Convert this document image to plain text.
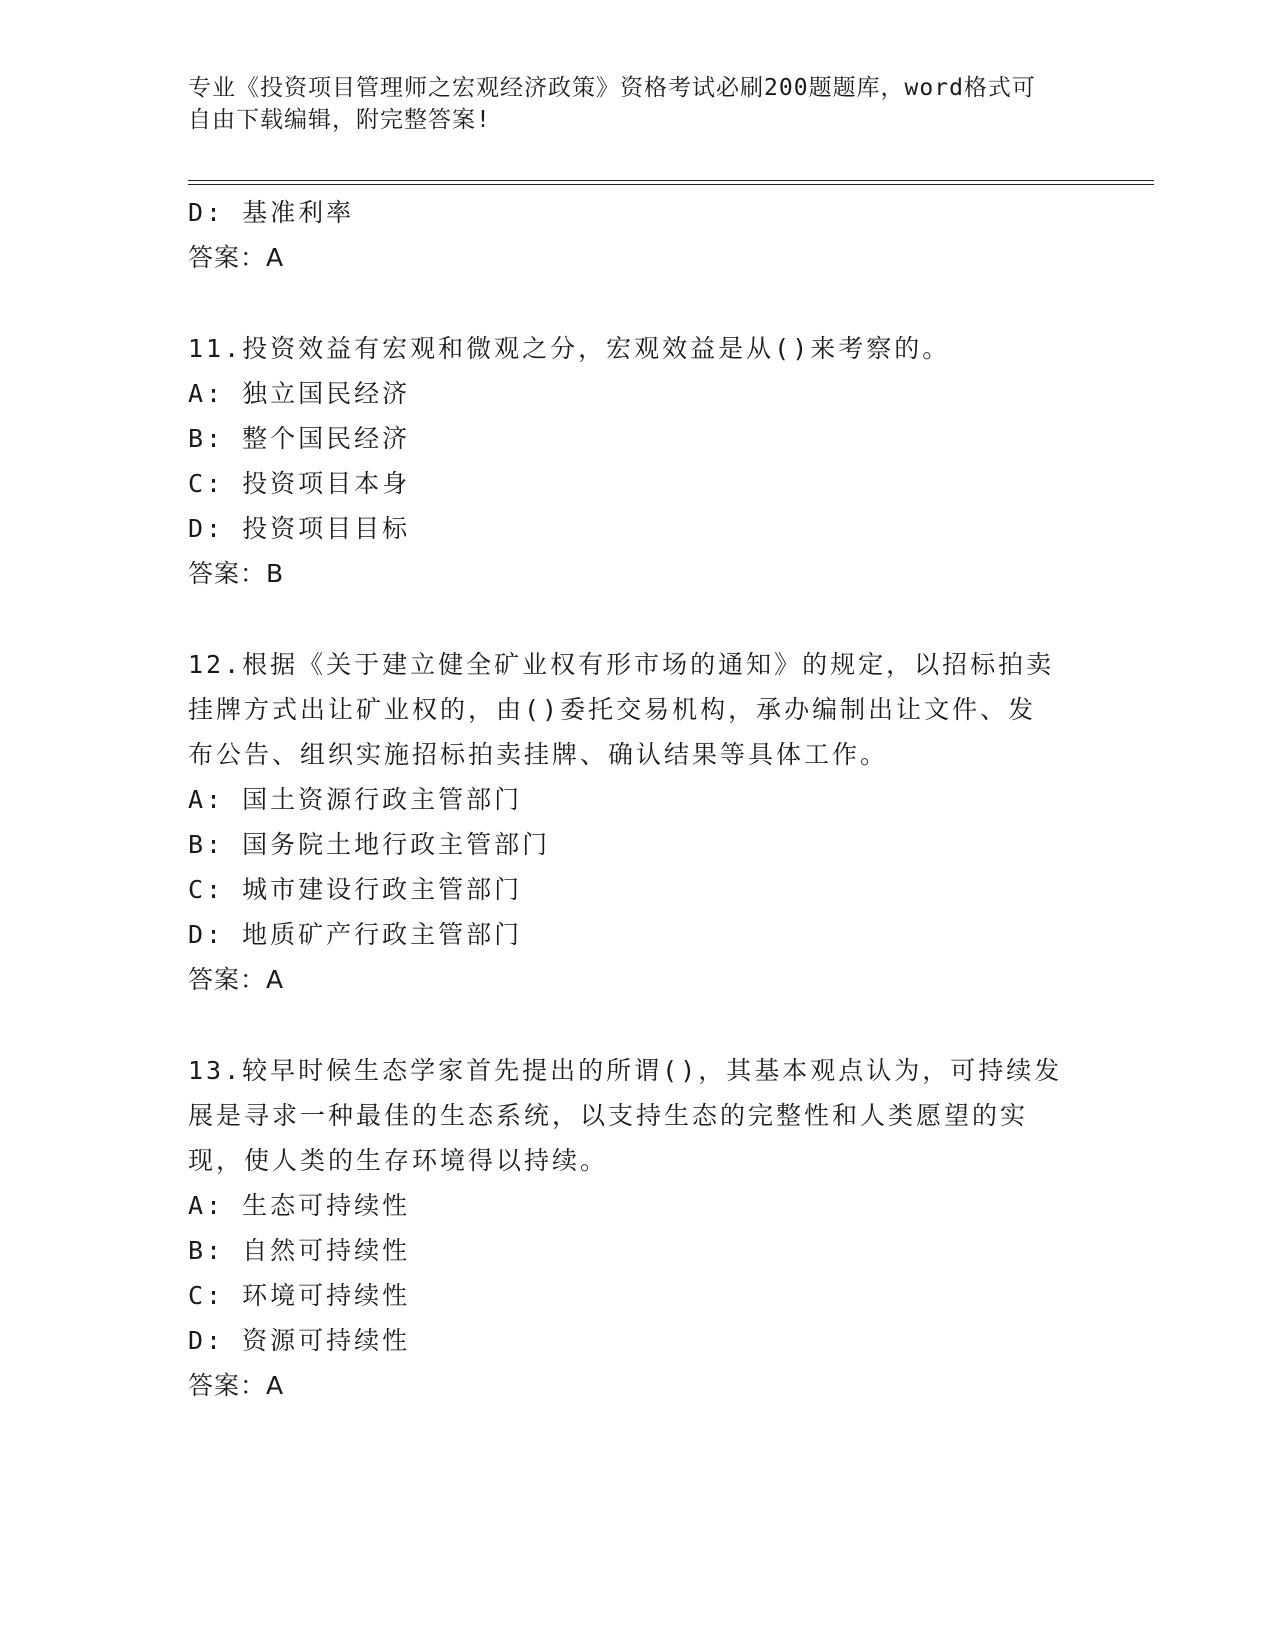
专业《投资项目管理师之宏观经济政策》资格考试必刷200题题库，word格式可
自由下载编辑，附完整答案!
D: 基准利率
答案：A
11.投资效益有宏观和微观之分，宏观效益是从()来考察的。
A: 独立国民经济
B: 整个国民经济
C: 投资项目本身
D: 投资项目目标
答案：B
12.根据《关于建立健全矿业权有形市场的通知》的规定，以招标拍卖
挂牌方式出让矿业权的，由()委托交易机构，承办编制出让文件、发
布公告、组织实施招标拍卖挂牌、确认结果等具体工作。
A: 国土资源行政主管部门
B: 国务院土地行政主管部门
C: 城市建设行政主管部门
D: 地质矿产行政主管部门
答案：A
13.较早时候生态学家首先提出的所谓()，其基本观点认为，可持续发
展是寻求一种最佳的生态系统，以支持生态的完整性和人类愿望的实
现，使人类的生存环境得以持续。
A: 生态可持续性
B: 自然可持续性
C: 环境可持续性
D: 资源可持续性
答案：A
